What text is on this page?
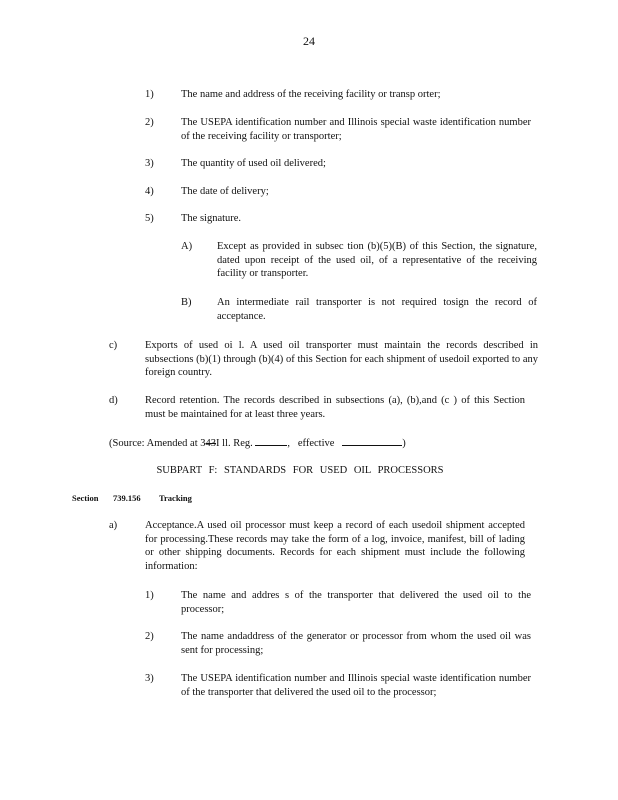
24
1)	The name and address of the receiving facility or transp orter;
2)	The USEPA identification number and Illinois special waste identification number of the receiving facility or transporter;
3)	The quantity of used oil delivered;
4)	The date of delivery;
5)	The signature.
A) Except as provided in subsec tion (b)(5)(B) of this Section, the signature, dated upon receipt of the used oil, of a representative of the receiving facility or transporter.
B) An intermediate rail transporter is not required tosign the record of acceptance.
c)	Exports of used oi l. A used oil transporter must maintain the records described in subsections (b)(1) through (b)(4) of this Section for each shipment of usedoil exported to any foreign country.
d)	Record retention. The records described in subsections (a), (b),and (c ) of this Section must be maintained for at least three years.
(Source: Amended at 343I ll. Reg.	, effective	)
SUBPART F: STANDARDS FOR USED OIL PROCESSORS
Section 739.156 Tracking
a)	Acceptance.A used oil processor must keep a record of each usedoil shipment accepted for processing.These records may take the form of a log, invoice, manifest, bill of lading or other shipping documents. Records for each shipment must include the following information:
1)	The name and addres s of the transporter that delivered the used oil to the processor;
2)	The name andaddress of the generator or processor from whom the used oil was sent for processing;
3)	The USEPA identification number and Illinois special waste identification number of the transporter that delivered the used oil to the processor;
